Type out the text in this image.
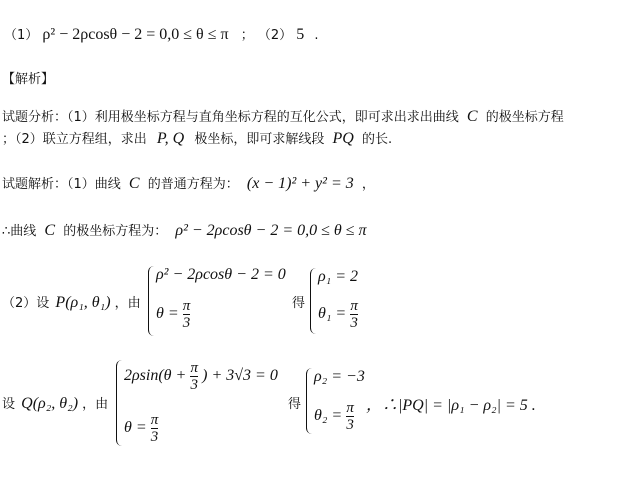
（1） ρ² − 2ρcosθ − 2 = 0,0 ≤ θ ≤ π ； （2） 5 .
【解析】
试题分析：（1）利用极坐标方程与直角坐标方程的互化公式，即可求出求出曲线 C 的极坐标方程
；（2）联立方程组，求出 P, Q 极坐标，即可求解线段 PQ 的长.
试题解析：（1）曲线 C 的普通方程为： (x − 1)² + y² = 3 ，
∴曲线 C 的极坐标方程为： ρ² − 2ρcosθ − 2 = 0,0 ≤ θ ≤ π
（2）设 P(ρ₁, θ₁) ，由
ρ² − 2ρcosθ − 2 = 0
$\theta = \frac{\pi}{3}$	得
ρ₁ = 2
$\theta_1 = \frac{\pi}{3}$
设 Q(ρ₂, θ₂) ，由
$2\rho\sin(\theta + \frac{\pi}{3}$ ) + 3√3 = 0
$\theta = \frac{\pi}{3}$
得
ρ₂ = −3
$\theta_2 = \frac{\pi}{3}$ ，∴|PQ| = |ρ₁ − ρ₂| = 5 .
